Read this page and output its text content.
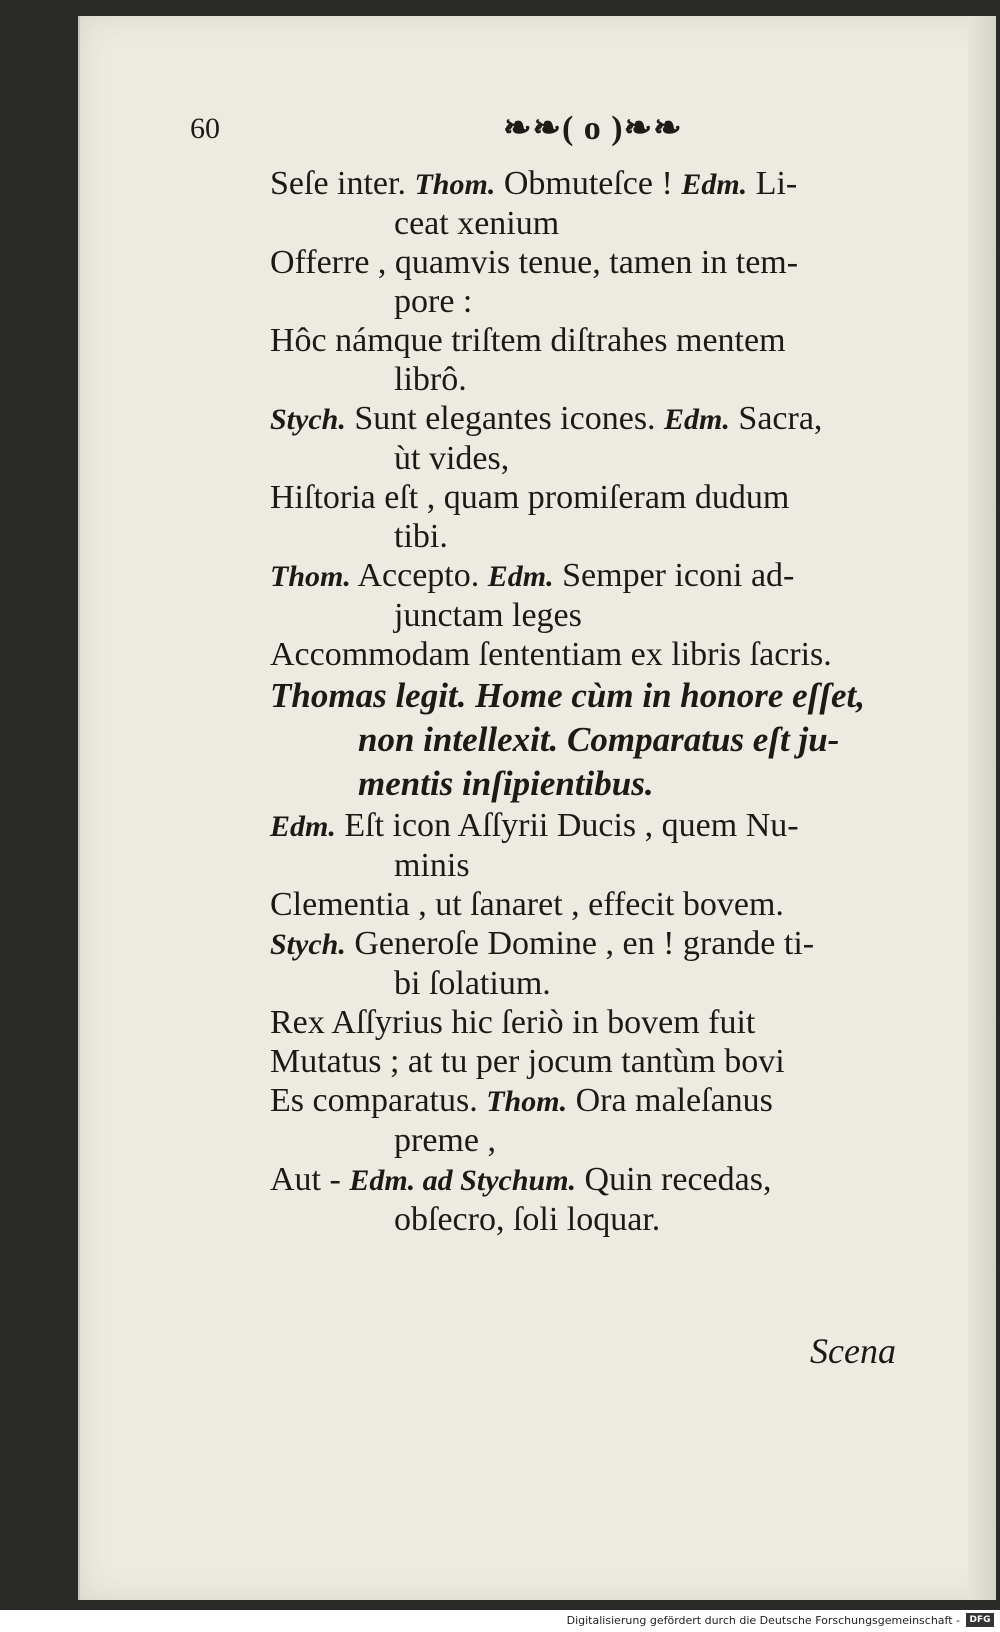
60	❧❧( o )❧❧
Seſe inter. Thom. Obmuteſce ! Edm. Li-
ceat xenium
Offerre , quamvis tenue, tamen in tem-
pore :
Hôc námque triſtem diſtrahes mentem
librô.
Stych. Sunt elegantes icones. Edm. Sacra,
ùt vides,
Hiſtoria eſt , quam promiſeram dudum
tibi.
Thom. Accepto. Edm. Semper iconi ad-
junctam leges
Accommodam ſententiam ex libris ſacris.
Thomas legit. Home cùm in honore eſſet,
non intellexit. Comparatus eſt ju-
mentis inſipientibus.
Edm. Eſt icon Aſſyrii Ducis , quem Nu-
minis
Clementia , ut ſanaret , effecit bovem.
Stych. Generoſe Domine , en ! grande ti-
bi ſolatium.
Rex Aſſyrius hic ſeriò in bovem fuit
Mutatus ; at tu per jocum tantùm bovi
Es comparatus. Thom. Ora maleſanus
preme ,
Aut - Edm. ad Stychum. Quin recedas,
obſecro, ſoli loquar.
Scena
Digitalisierung gefördert durch die Deutsche Forschungsgemeinschaft -	DFG
